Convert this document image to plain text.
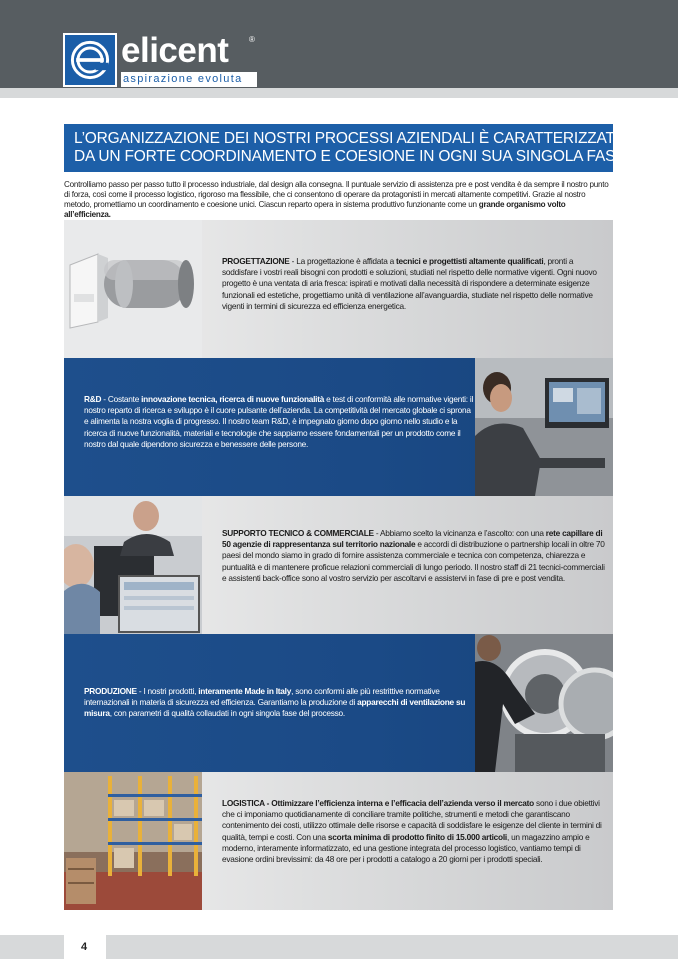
elicent	®
aspirazione evoluta
L’ORGANIZZAZIONE DEI NOSTRI PROCESSI AZIENDALI È CARATTERIZZATA
DA UN FORTE COORDINAMENTO E COESIONE IN OGNI SUA SINGOLA FASE

Controlliamo passo per passo tutto il processo industriale, dal design alla consegna. Il puntuale servizio di assistenza pre e post vendita è da sempre il nostro punto di forza, così come il processo logistico, rigoroso ma flessibile, che ci consentono di operare da protagonisti in mercati altamente competitivi. Grazie al nostro metodo, promettiamo un coordinamento e coesione unici. Ciascun reparto opera in sistema produttivo funzionante come un grande organismo volto all’efficienza.

PROGETTAZIONE - La progettazione è affidata a tecnici e progettisti altamente qualificati, pronti a soddisfare i vostri reali bisogni con prodotti e soluzioni, studiati nel rispetto delle normative vigenti. Ogni nuovo progetto è una ventata di aria fresca: ispirati e motivati dalla necessità di rispondere a determinate esigenze funzionali ed estetiche, progettiamo unità di ventilazione all’avanguardia, studiate nel rispetto delle normative vigenti in termini di sicurezza ed efficienza energetica.

R&D - Costante innovazione tecnica, ricerca di nuove funzionalità e test di conformità alle normative vigenti: il nostro reparto di ricerca e sviluppo è il cuore pulsante dell’azienda. La competitività del mercato globale ci sprona e alimenta la nostra voglia di progresso. Il nostro team R&D, è impegnato giorno dopo giorno nello studio e la ricerca di nuove funzionalità, materiali e tecnologie che sappiamo essere fondamentali per un prodotto come il nostro dal quale dipendono sicurezza e benessere delle persone.

SUPPORTO TECNICO & COMMERCIALE - Abbiamo scelto la vicinanza e l’ascolto: con una rete capillare di 50 agenzie di rappresentanza sul territorio nazionale e accordi di distribuzione o partnership locali in oltre 70 paesi del mondo siamo in grado di fornire assistenza commerciale e tecnica con competenza, chiarezza e puntualità e di mantenere proficue relazioni commerciali di lungo periodo. Il nostro staff di 21 tecnici-commerciali e assistenti back-office sono al vostro servizio per ascoltarvi e assistervi in fase di pre e post vendita.

PRODUZIONE - I nostri prodotti, interamente Made in Italy, sono conformi alle più restrittive normative internazionali in materia di sicurezza ed efficienza. Garantiamo la produzione di apparecchi di ventilazione su misura, con parametri di qualità collaudati in ogni singola fase del processo.

LOGISTICA - Ottimizzare l’efficienza interna e l’efficacia dell’azienda verso il mercato sono i due obiettivi che ci imponiamo quotidianamente di conciliare tramite politiche, strumenti e metodi che garantiscano contenimento dei costi, utilizzo ottimale delle risorse e capacità di soddisfare le esigenze del cliente in termini di qualità, tempi e costi. Con una scorta minima di prodotto finito di 15.000 articoli, un magazzino ampio e moderno, interamente informatizzato, ed una gestione integrata del processo logistico, vantiamo tempi di evasione ordini brevissimi: da 48 ore per i prodotti a catalogo a 20 giorni per i prodotti speciali.

4
